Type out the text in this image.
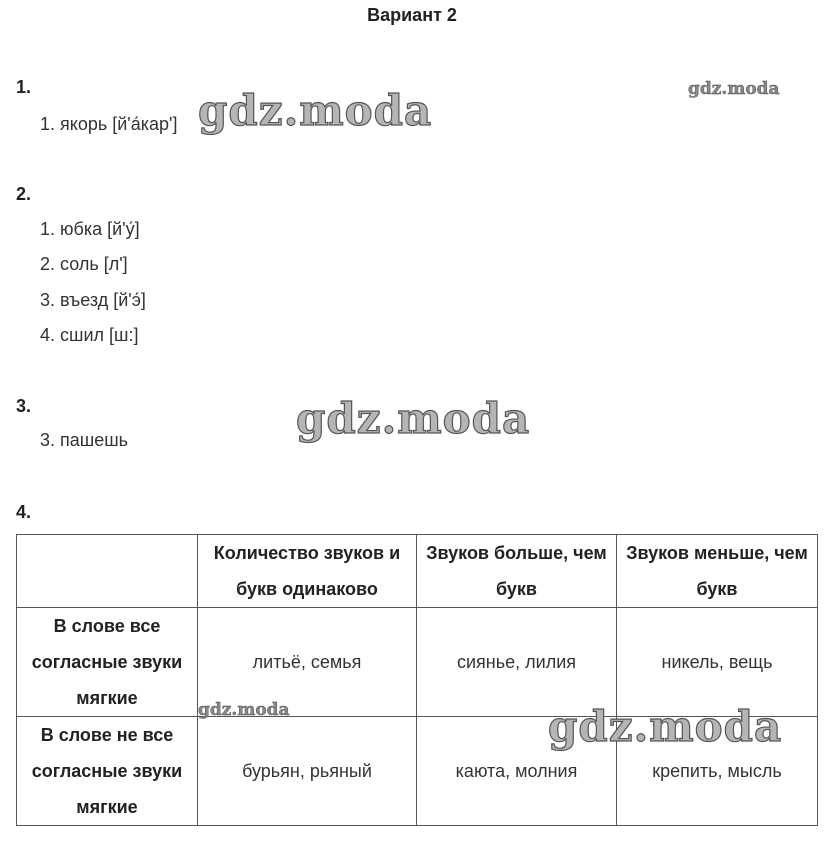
Вариант 2
1.
1. якорь [й'а́кар']
2.
1. юбка [й'у́]
2. соль [л']
3. въезд [й'э́]
4. сшил [ш:]
3.
3. пашешь
4.
	Количество звуков и букв одинаково	Звуков больше, чем букв	Звуков меньше, чем букв
В слове все согласные звуки мягкие	литьё, семья	сиянье, лилия	никель, вещь
В слове не все согласные звуки мягкие	бурьян, рьяный	каюта, молния	крепить, мысль
gdz.moda	gdz.moda
gdz.moda
gdz.moda	gdz.moda
